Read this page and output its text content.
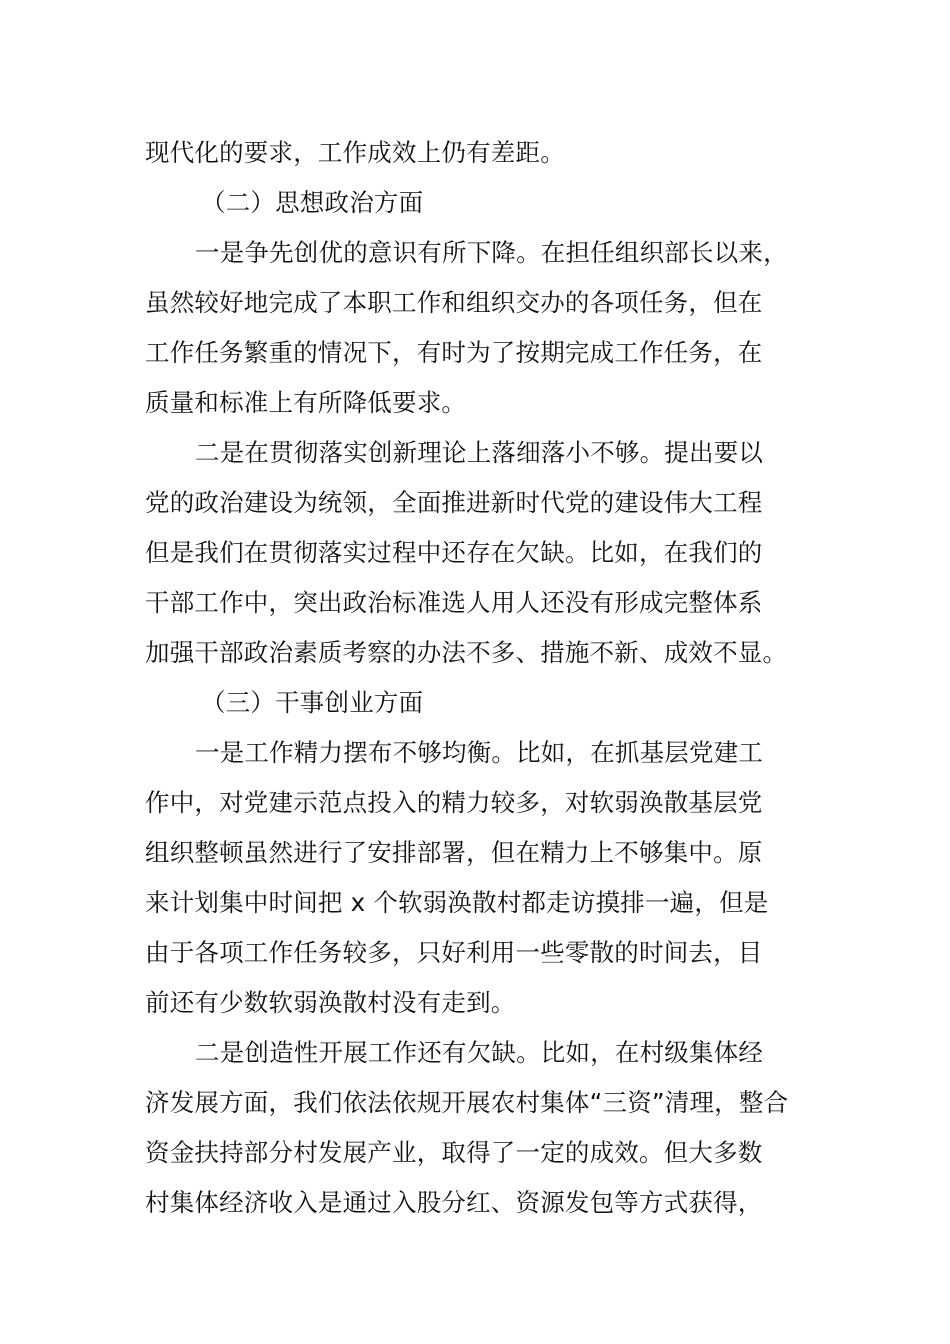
现代化的要求，工作成效上仍有差距。
（二）思想政治方面
一是争先创优的意识有所下降。在担任组织部长以来，
虽然较好地完成了本职工作和组织交办的各项任务，但在
工作任务繁重的情况下，有时为了按期完成工作任务，在
质量和标准上有所降低要求。
二是在贯彻落实创新理论上落细落小不够。提出要以
党的政治建设为统领，全面推进新时代党的建设伟大工程
但是我们在贯彻落实过程中还存在欠缺。比如，在我们的
干部工作中，突出政治标准选人用人还没有形成完整体系
加强干部政治素质考察的办法不多、措施不新、成效不显。
（三）干事创业方面
一是工作精力摆布不够均衡。比如，在抓基层党建工
作中，对党建示范点投入的精力较多，对软弱涣散基层党
组织整顿虽然进行了安排部署，但在精力上不够集中。原
来计划集中时间把 x 个软弱涣散村都走访摸排一遍，但是
由于各项工作任务较多，只好利用一些零散的时间去，目
前还有少数软弱涣散村没有走到。
二是创造性开展工作还有欠缺。比如，在村级集体经
济发展方面，我们依法依规开展农村集体“三资”清理，整合
资金扶持部分村发展产业，取得了一定的成效。但大多数
村集体经济收入是通过入股分红、资源发包等方式获得，
